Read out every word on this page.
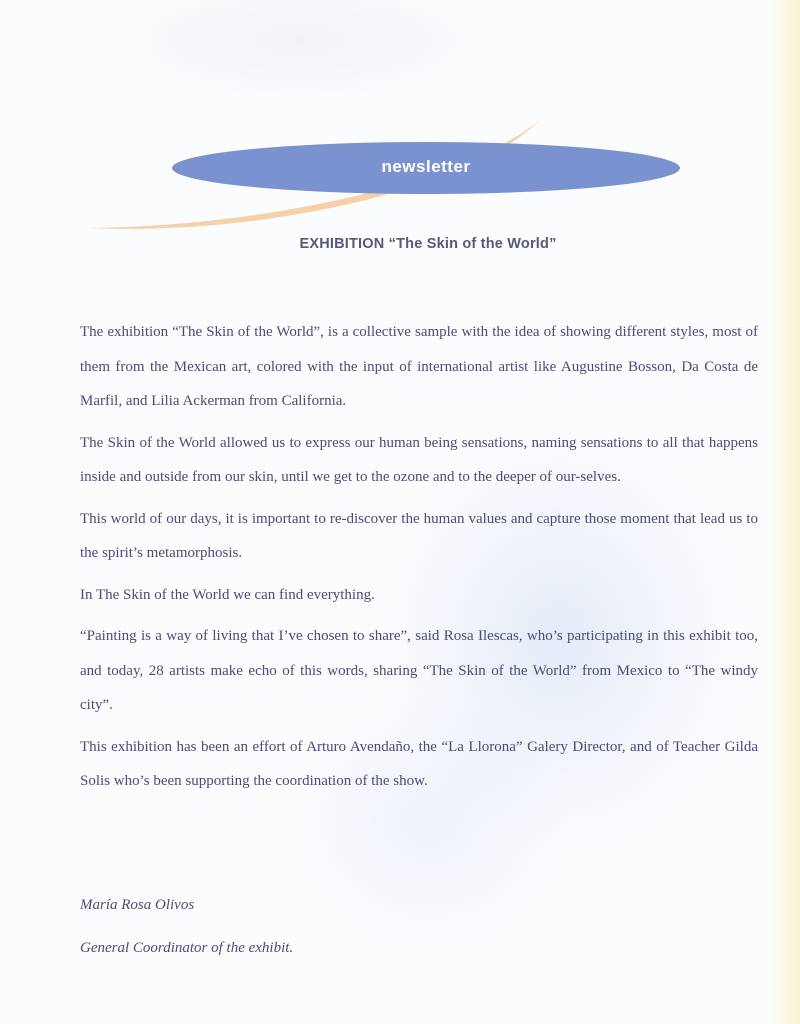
newsletter
EXHIBITION “The Skin of the World”

The exhibition “The Skin of the World”, is a collective sample with the idea of showing different styles, most of them from the Mexican art, colored with the input of international artist like Augustine Bosson, Da Costa de Marfil, and Lilia Ackerman from California.

The Skin of the World allowed us to express our human being sensations, naming sensations to all that happens inside and outside from our skin, until we get to the ozone and to the deeper of our-selves.

This world of our days, it is important to re-discover the human values and capture those moment that lead us to the spirit’s metamorphosis.

In The Skin of the World we can find everything.

“Painting is a way of living that I’ve chosen to share”, said Rosa Ilescas, who’s participating in this exhibit too, and today, 28 artists make echo of this words, sharing “The Skin of the World” from Mexico to “The windy city”.

This exhibition has been an effort of Arturo Avendaño, the “La Llorona” Galery Director, and of Teacher Gilda Solis who’s been supporting the coordination of the show.

María Rosa Olivos
General Coordinator of the exhibit.
